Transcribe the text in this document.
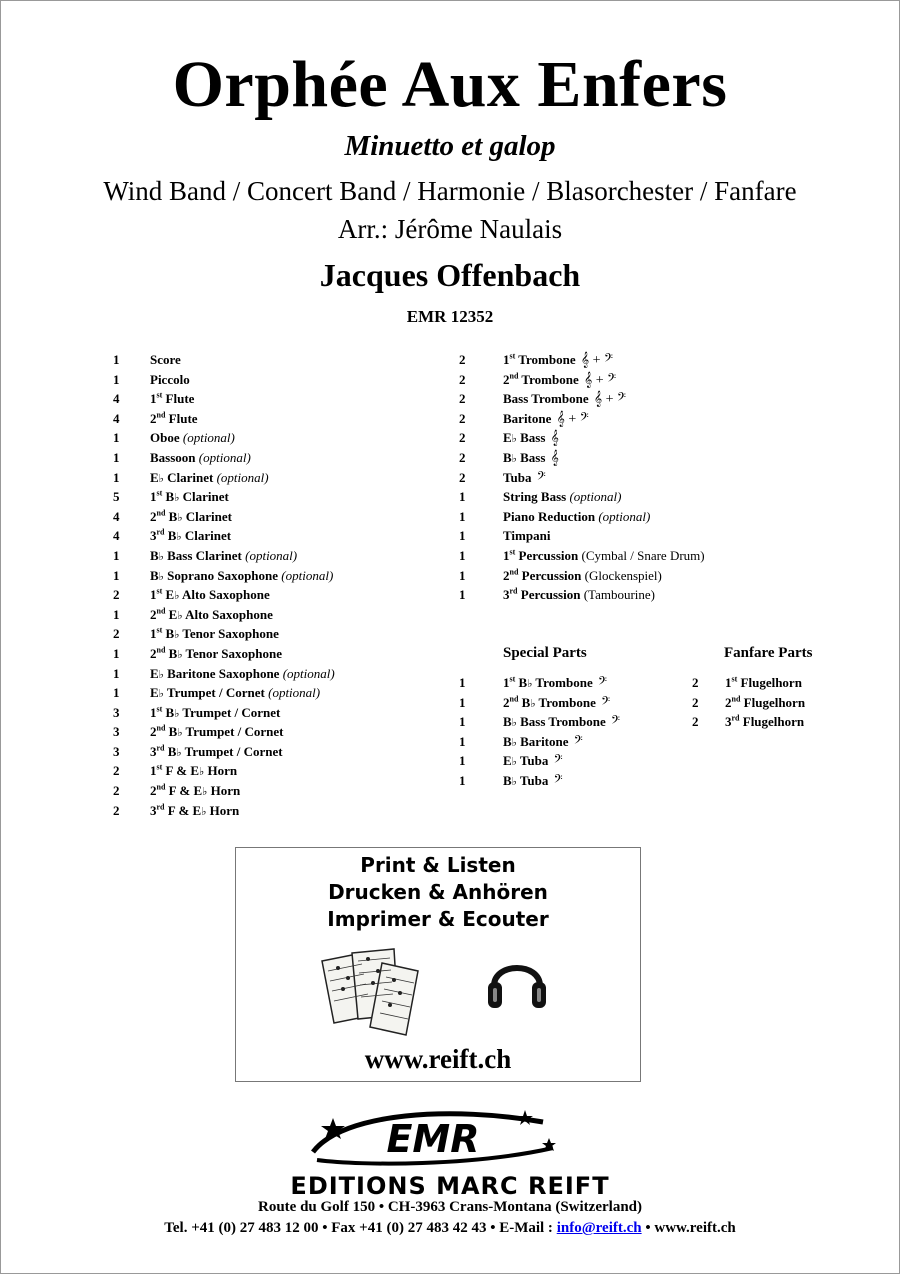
Orphée Aux Enfers
Minuetto et galop
Wind Band / Concert Band / Harmonie / Blasorchester / Fanfare
Arr.: Jérôme Naulais
Jacques Offenbach
EMR 12352
1	Score
1	Piccolo
4	1st Flute
4	2nd Flute
1	Oboe (optional)
1	Bassoon (optional)
1	E♭ Clarinet (optional)
5	1st B♭ Clarinet
4	2nd B♭ Clarinet
4	3rd B♭ Clarinet
1	B♭ Bass Clarinet (optional)
1	B♭ Soprano Saxophone (optional)
2	1st E♭ Alto Saxophone
1	2nd E♭ Alto Saxophone
2	1st B♭ Tenor Saxophone
1	2nd B♭ Tenor Saxophone
1	E♭ Baritone Saxophone (optional)
1	E♭ Trumpet / Cornet (optional)
3	1st B♭ Trumpet / Cornet
3	2nd B♭ Trumpet / Cornet
3	3rd B♭ Trumpet / Cornet
2	1st F & E♭ Horn
2	2nd F & E♭ Horn
2	3rd F & E♭ Horn
2	1st Trombone 𝄞 + 𝄢
2	2nd Trombone 𝄞 + 𝄢
2	Bass Trombone 𝄞 + 𝄢
2	Baritone 𝄞 + 𝄢
2	E♭ Bass 𝄞
2	B♭ Bass 𝄞
2	Tuba 𝄢
1	String Bass (optional)
1	Piano Reduction (optional)
1	Timpani
1	1st Percussion (Cymbal / Snare Drum)
1	2nd Percussion (Glockenspiel)
1	3rd Percussion (Tambourine)
Special Parts	Fanfare Parts
1	1st B♭ Trombone 𝄢
1	2nd B♭ Trombone 𝄢
1	B♭ Bass Trombone 𝄢
1	B♭ Baritone 𝄢
1	E♭ Tuba 𝄢
1	B♭ Tuba 𝄢
2	1st Flugelhorn
2	2nd Flugelhorn
2	3rd Flugelhorn
Print & Listen
Drucken & Anhören
Imprimer & Ecouter
www.reift.ch
EMR
EDITIONS MARC REIFT
Route du Golf 150 • CH-3963 Crans-Montana (Switzerland)
Tel. +41 (0) 27 483 12 00 • Fax +41 (0) 27 483 42 43 • E-Mail : info@reift.ch • www.reift.ch
